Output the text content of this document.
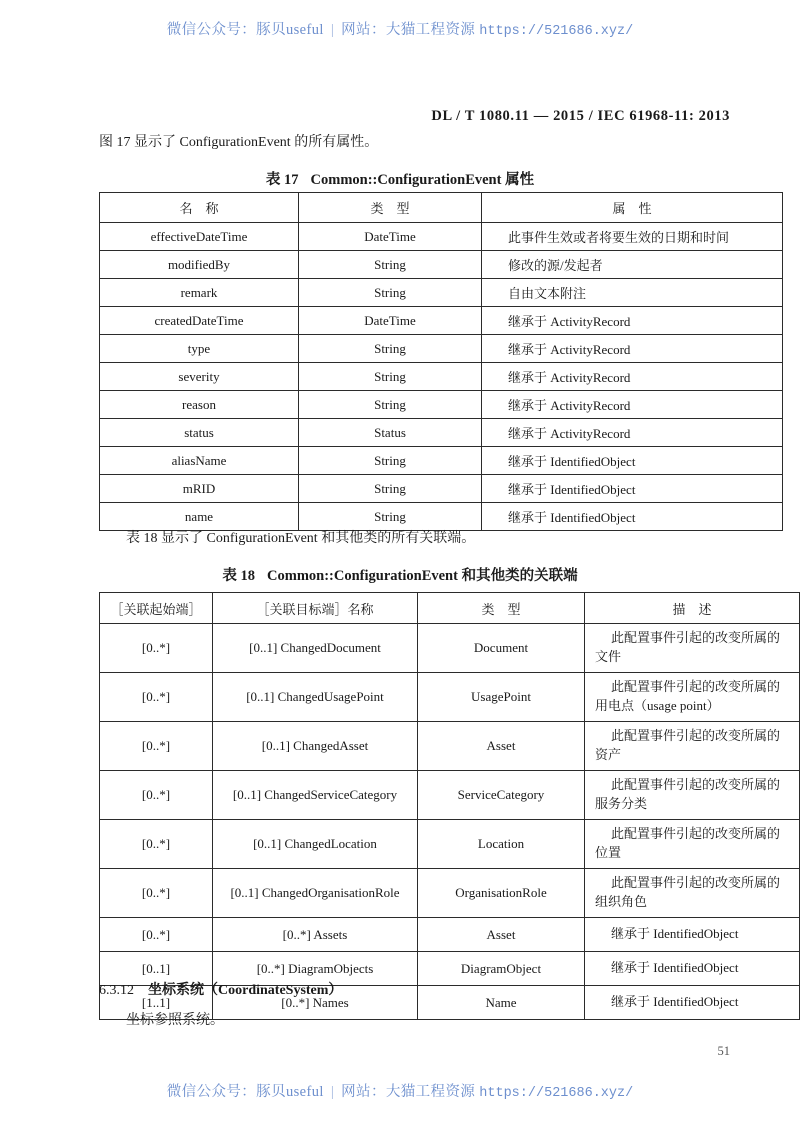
微信公众号：豚贝useful | 网站：大猫工程资源 https://521686.xyz/
DL / T 1080.11 — 2015 / IEC 61968-11: 2013
图 17 显示了 ConfigurationEvent 的所有属性。
表 17 Common::ConfigurationEvent 属性
名　称	类　型	属　性
effectiveDateTime	DateTime	此事件生效或者将要生效的日期和时间
modifiedBy	String	修改的源/发起者
remark	String	自由文本附注
createdDateTime	DateTime	继承于 ActivityRecord
type	String	继承于 ActivityRecord
severity	String	继承于 ActivityRecord
reason	String	继承于 ActivityRecord
status	Status	继承于 ActivityRecord
aliasName	String	继承于 IdentifiedObject
mRID	String	继承于 IdentifiedObject
name	String	继承于 IdentifiedObject
表 18 显示了 ConfigurationEvent 和其他类的所有关联端。
表 18 Common::ConfigurationEvent 和其他类的关联端
［关联起始端］	［关联目标端］名称	类　型	描　述
[0..*]	[0..1] ChangedDocument	Document	此配置事件引起的改变所属的文件

[0..*]	[0..1] ChangedUsagePoint	UsagePoint	此配置事件引起的改变所属的用电点（usage point）

[0..*]	[0..1] ChangedAsset	Asset	此配置事件引起的改变所属的资产

[0..*]	[0..1] ChangedServiceCategory	ServiceCategory	此配置事件引起的改变所属的服务分类

[0..*]	[0..1] ChangedLocation	Location	此配置事件引起的改变所属的位置

[0..*]	[0..1] ChangedOrganisationRole	OrganisationRole	此配置事件引起的改变所属的组织角色

[0..*]	[0..*] Assets	Asset	继承于 IdentifiedObject
[0..1]	[0..*] DiagramObjects	DiagramObject	继承于 IdentifiedObject
[1..1]	[0..*] Names	Name	继承于 IdentifiedObject
6.3.12 坐标系统（CoordinateSystem）
坐标参照系统。
51
微信公众号：豚贝useful | 网站：大猫工程资源 https://521686.xyz/
